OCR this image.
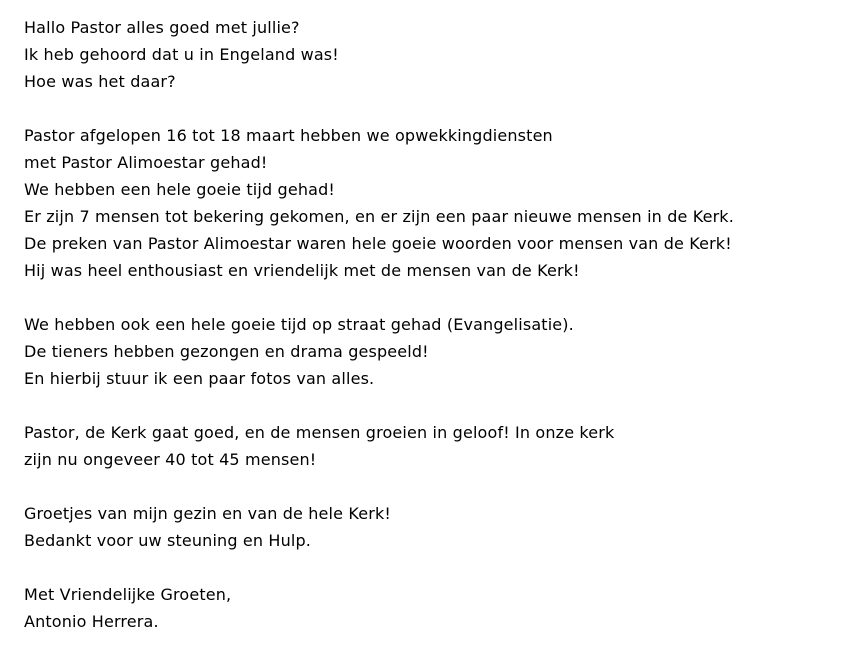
Hallo Pastor alles goed met jullie?
Ik heb gehoord dat u in Engeland was!
Hoe was het daar?
Pastor afgelopen 16 tot 18 maart hebben we opwekkingdiensten
met Pastor Alimoestar gehad!
We hebben een hele goeie tijd gehad!
Er zijn 7 mensen tot bekering gekomen, en er zijn een paar nieuwe mensen in de Kerk.
De preken van Pastor Alimoestar waren hele goeie woorden voor mensen van de Kerk!
Hij was heel enthousiast en vriendelijk met de mensen van de Kerk!
We hebben ook een hele goeie tijd op straat gehad (Evangelisatie).
De tieners hebben gezongen en drama gespeeld!
En hierbij stuur ik een paar fotos van alles.
Pastor, de Kerk gaat goed, en de mensen groeien in geloof! In onze kerk
zijn nu ongeveer 40 tot 45 mensen!
Groetjes van mijn gezin en van de hele Kerk!
Bedankt voor uw steuning en Hulp.
Met Vriendelijke Groeten,
Antonio Herrera.
